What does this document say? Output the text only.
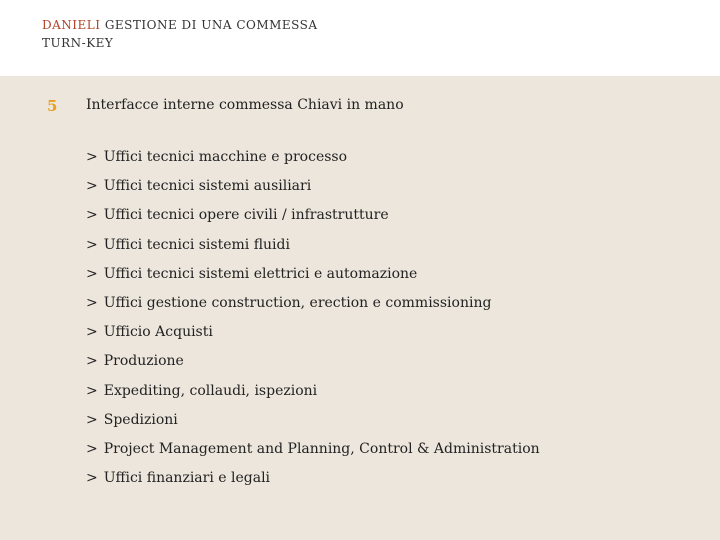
DANIELI GESTIONE DI UNA COMMESSA
TURN-KEY
5 Interfacce interne commessa Chiavi in mano
> Uffici tecnici macchine e processo
> Uffici tecnici sistemi ausiliari
> Uffici tecnici opere civili / infrastrutture
> Uffici tecnici sistemi fluidi
> Uffici tecnici sistemi elettrici e automazione
> Uffici gestione construction, erection e commissioning
> Ufficio Acquisti
> Produzione
> Expediting, collaudi, ispezioni
> Spedizioni
> Project Management and Planning, Control & Administration
> Uffici finanziari e legali
